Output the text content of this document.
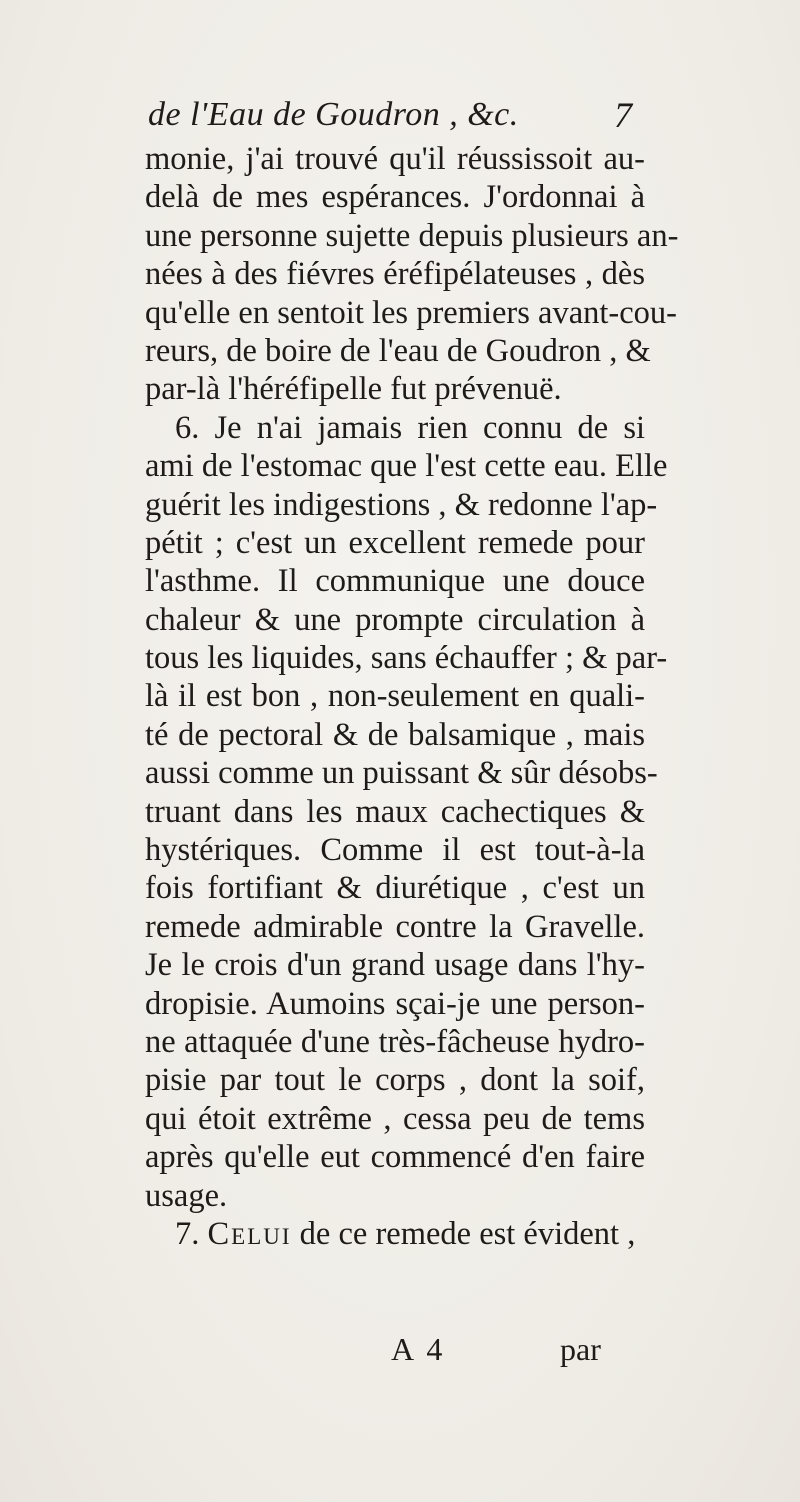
de l'Eau de Goudron , &c.	7
monie, j'ai trouvé qu'il réussissoit au-
delà de mes espérances. J'ordonnai à
une personne sujette depuis plusieurs an-
nées à des fiévres éréfipélateuses , dès
qu'elle en sentoit les premiers avant-cou-
reurs, de boire de l'eau de Goudron , &
par-là l'héréfipelle fut prévenuë.
6. Je n'ai jamais rien connu de si
ami de l'estomac que l'est cette eau. Elle
guérit les indigestions , & redonne l'ap-
pétit ; c'est un excellent remede pour
l'asthme. Il communique une douce
chaleur & une prompte circulation à
tous les liquides, sans échauffer ; & par-
là il est bon , non-seulement en quali-
té de pectoral & de balsamique , mais
aussi comme un puissant & sûr désobs-
truant dans les maux cachectiques &
hystériques. Comme il est tout-à-la
fois fortifiant & diurétique , c'est un
remede admirable contre la Gravelle.
Je le crois d'un grand usage dans l'hy-
dropisie. Aumoins sçai-je une person-
ne attaquée d'une très-fâcheuse hydro-
pisie par tout le corps , dont la soif,
qui étoit extrême , cessa peu de tems
après qu'elle eut commencé d'en faire
usage.
7. Celui de ce remede est évident ,
A 4	par
